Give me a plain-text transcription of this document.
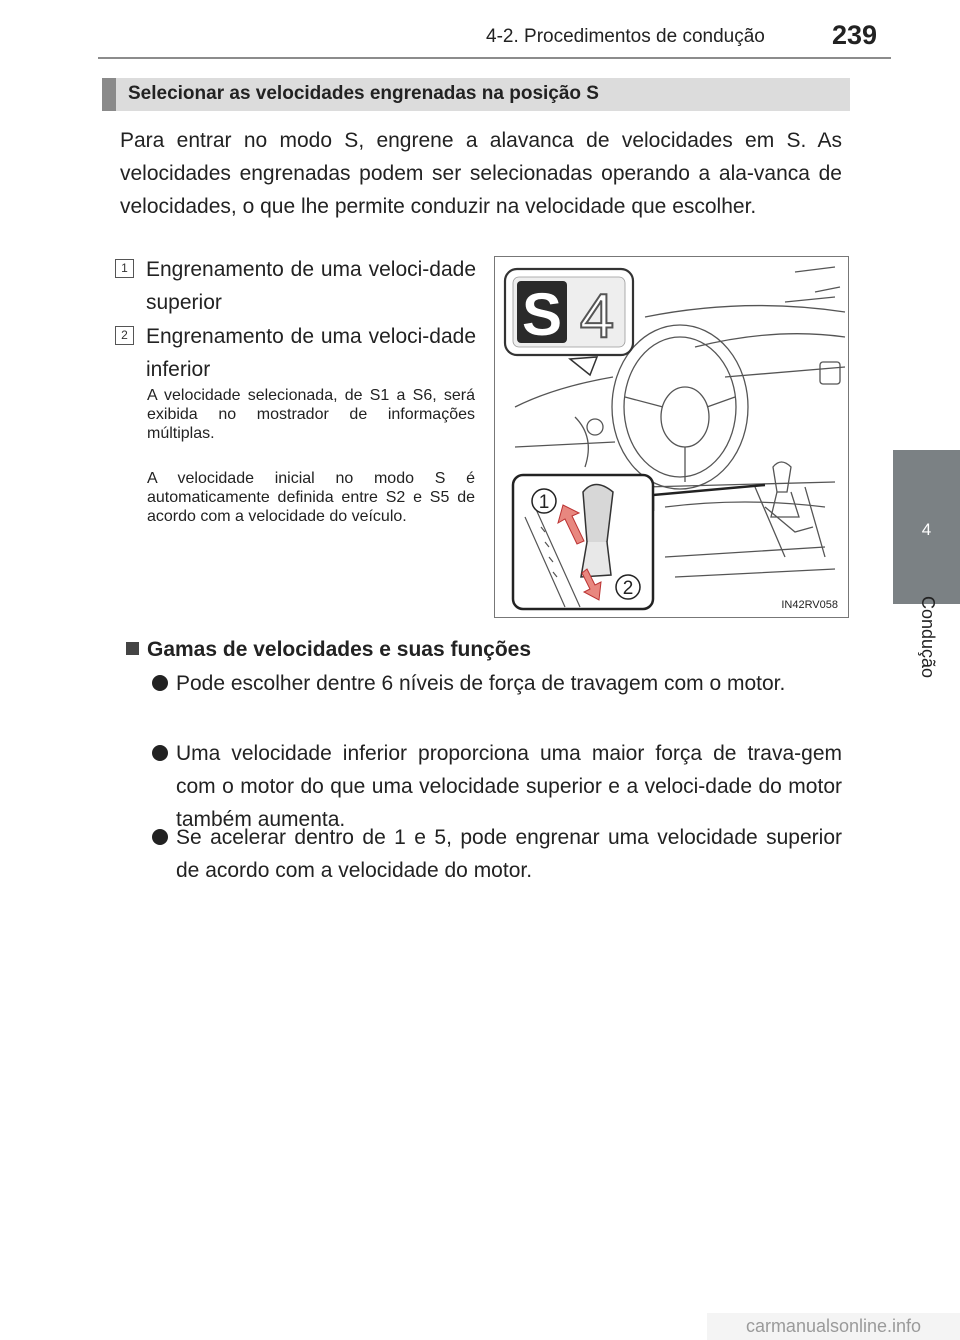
4-2. Procedimentos de condução 239
4
Condução
Selecionar as velocidades engrenadas na posição S
Para entrar no modo S, engrene a alavanca de velocidades em S. As velocidades engrenadas podem ser selecionadas operando a ala-vanca de velocidades, o que lhe permite conduzir na velocidade que escolher.
1 Engrenamento de uma veloci-dade superior
2 Engrenamento de uma veloci-dade inferior
A velocidade selecionada, de S1 a S6, será exibida no mostrador de informações múltiplas.
A velocidade inicial no modo S é automaticamente definida entre S2 e S5 de acordo com a velocidade do veículo.
S 4
1
2
IN42RV058
Gamas de velocidades e suas funções
Pode escolher dentre 6 níveis de força de travagem com o motor.
Uma velocidade inferior proporciona uma maior força de trava-gem com o motor do que uma velocidade superior e a veloci-dade do motor também aumenta.
Se acelerar dentro de 1 e 5, pode engrenar uma velocidade superior de acordo com a velocidade do motor.
carmanualsonline.info
